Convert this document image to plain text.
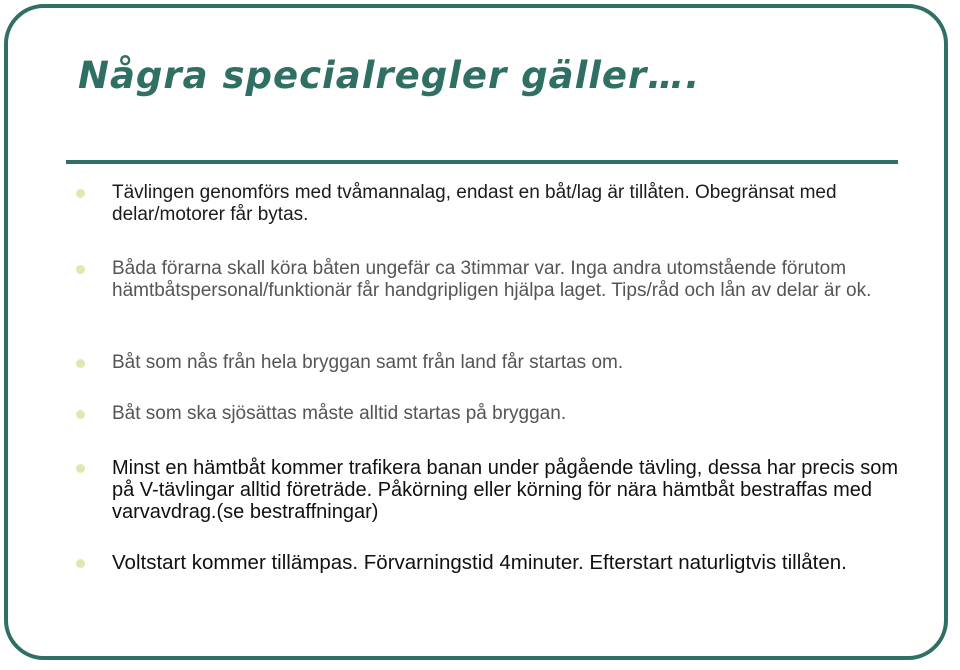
Några specialregler gäller….
Tävlingen genomförs med tvåmannalag, endast en båt/lag är tillåten. Obegränsat med delar/motorer får bytas.
Båda förarna skall köra båten ungefär ca 3timmar var. Inga andra utomstående förutom hämtbåtspersonal/funktionär får handgripligen hjälpa laget. Tips/råd och lån av delar är ok.
Båt som nås från hela bryggan samt från land får startas om.
Båt som ska sjösättas måste alltid startas på bryggan.
Minst en hämtbåt kommer trafikera banan under pågående tävling, dessa har precis som på V-tävlingar alltid företräde. Påkörning eller körning för nära hämtbåt bestraffas med varvavdrag.(se bestraffningar)
Voltstart kommer tillämpas. Förvarningstid 4minuter. Efterstart naturligtvis tillåten.
